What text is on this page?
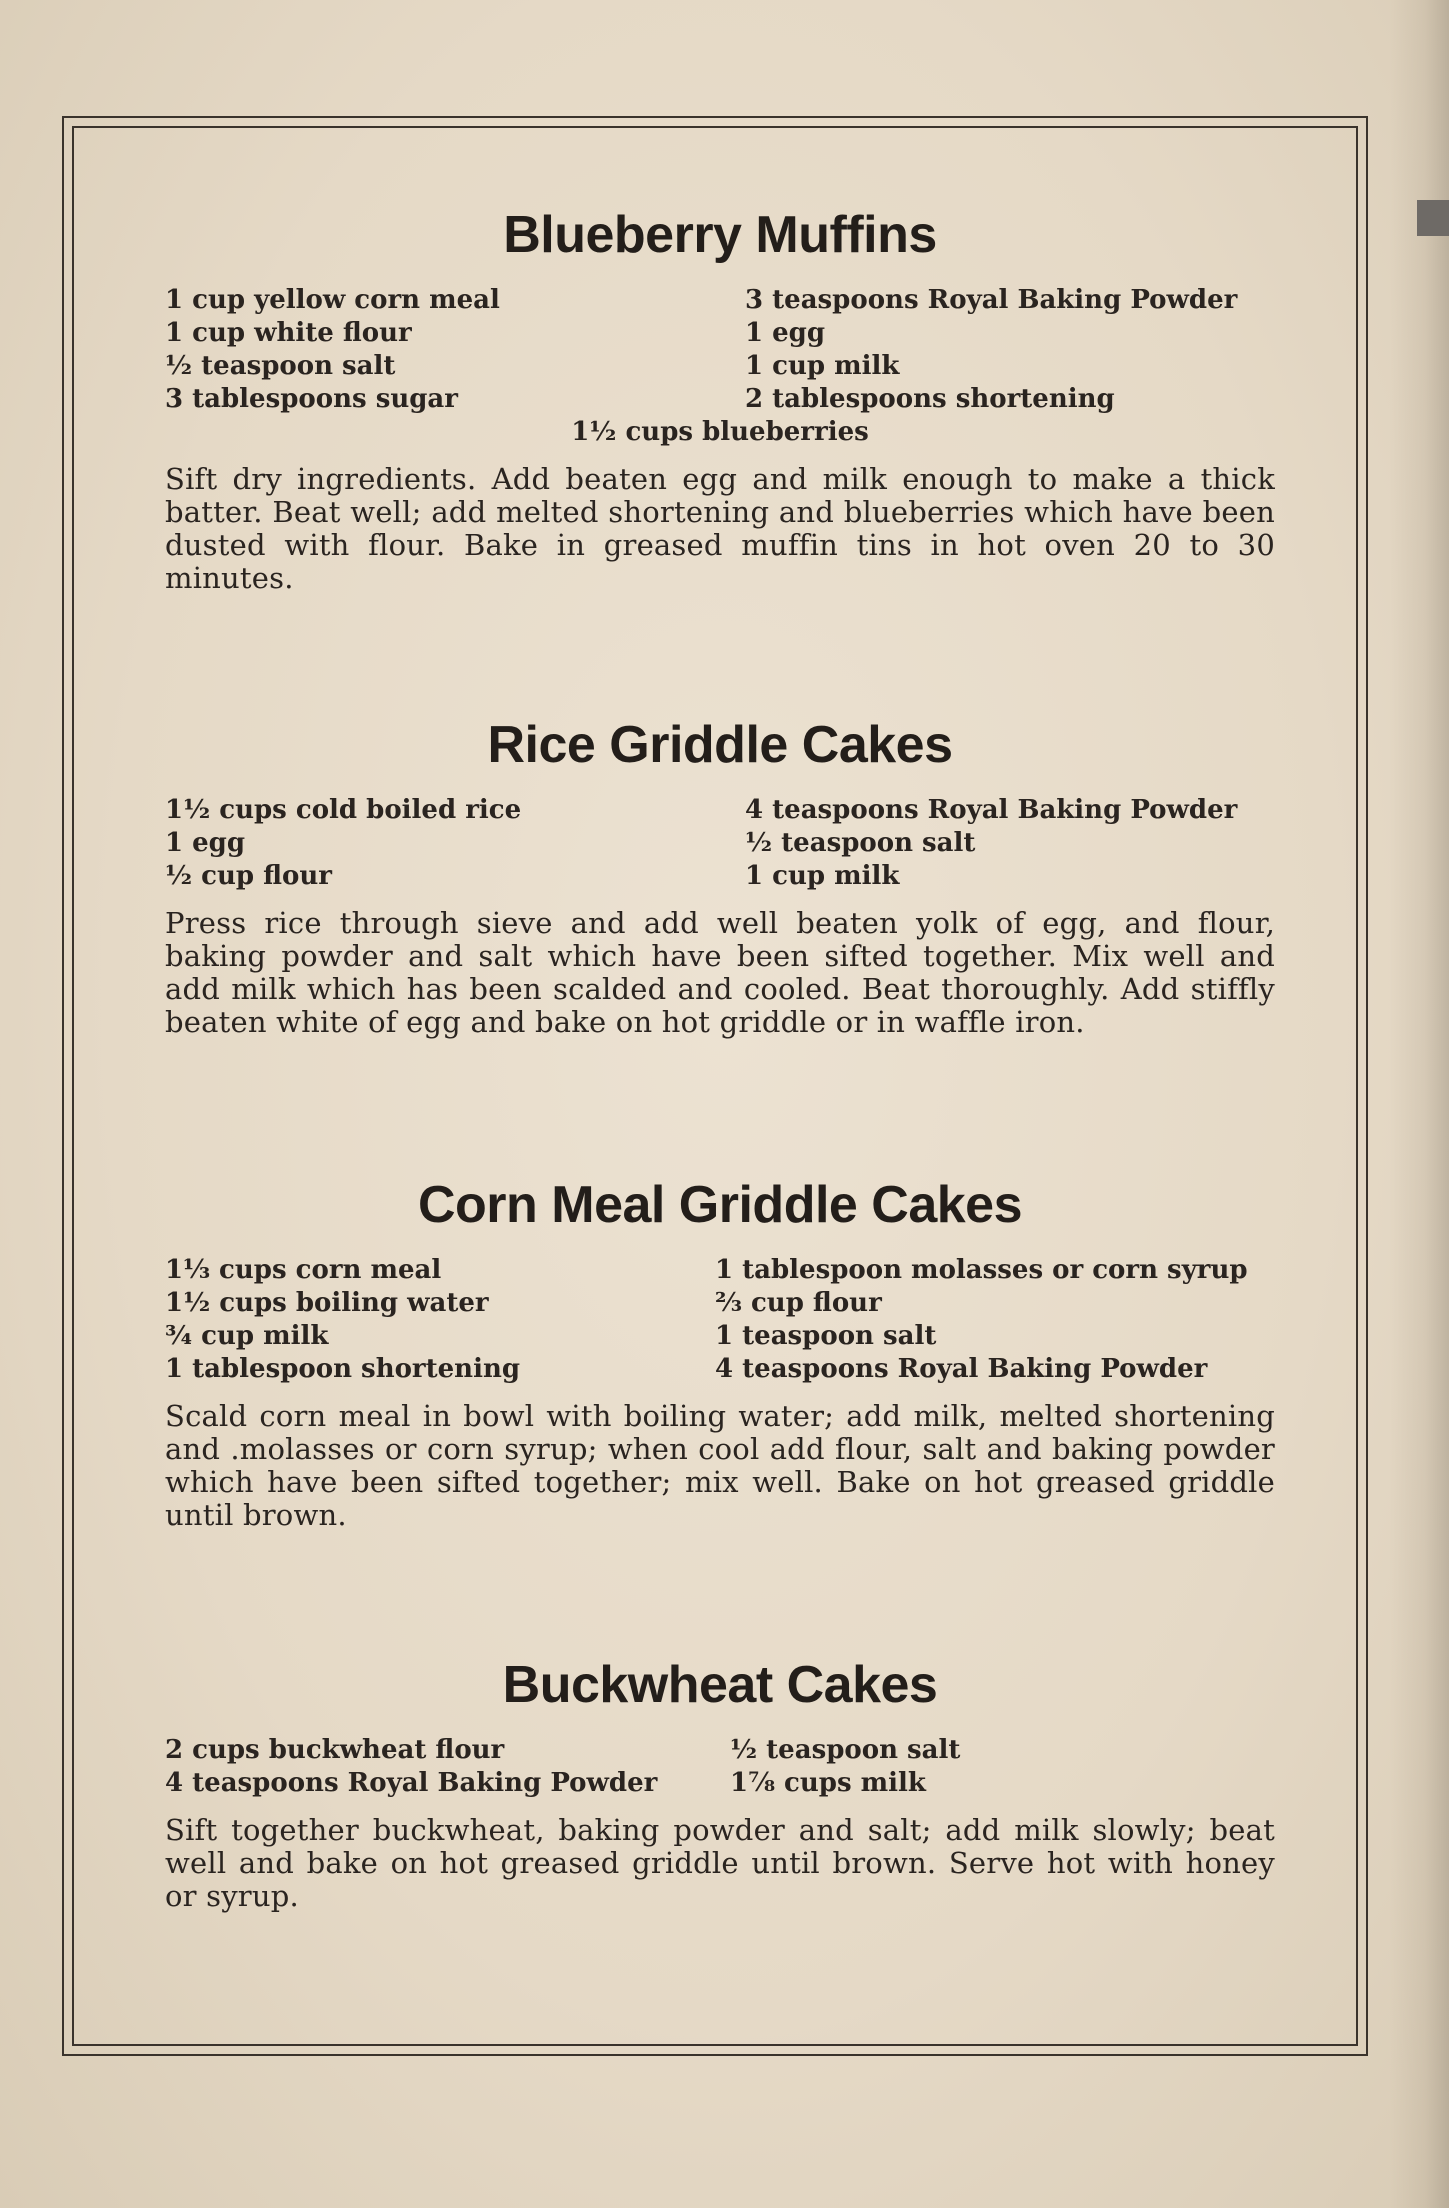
Blueberry Muffins
1 cup yellow corn meal
1 cup white flour
½ teaspoon salt
3 tablespoons sugar
3 teaspoons Royal Baking Powder
1 egg
1 cup milk
2 tablespoons shortening
1½ cups blueberries

Sift dry ingredients. Add beaten egg and milk enough to make a thick batter. Beat well; add melted shortening and blueberries which have been dusted with flour. Bake in greased muffin tins in hot oven 20 to 30 minutes.

Rice Griddle Cakes
1½ cups cold boiled rice
1 egg
½ cup flour
4 teaspoons Royal Baking Powder
½ teaspoon salt
1 cup milk

Press rice through sieve and add well beaten yolk of egg, and flour, baking powder and salt which have been sifted together. Mix well and add milk which has been scalded and cooled. Beat thoroughly. Add stiffly beaten white of egg and bake on hot griddle or in waffle iron.

Corn Meal Griddle Cakes
1⅓ cups corn meal
1½ cups boiling water
¾ cup milk
1 tablespoon shortening
1 tablespoon molasses or corn syrup
⅔ cup flour
1 teaspoon salt
4 teaspoons Royal Baking Powder

Scald corn meal in bowl with boiling water; add milk, melted shortening and .molasses or corn syrup; when cool add flour, salt and baking powder which have been sifted together; mix well. Bake on hot greased griddle until brown.

Buckwheat Cakes
2 cups buckwheat flour
4 teaspoons Royal Baking Powder
½ teaspoon salt
1⅞ cups milk

Sift together buckwheat, baking powder and salt; add milk slowly; beat well and bake on hot greased griddle until brown. Serve hot with honey or syrup.
